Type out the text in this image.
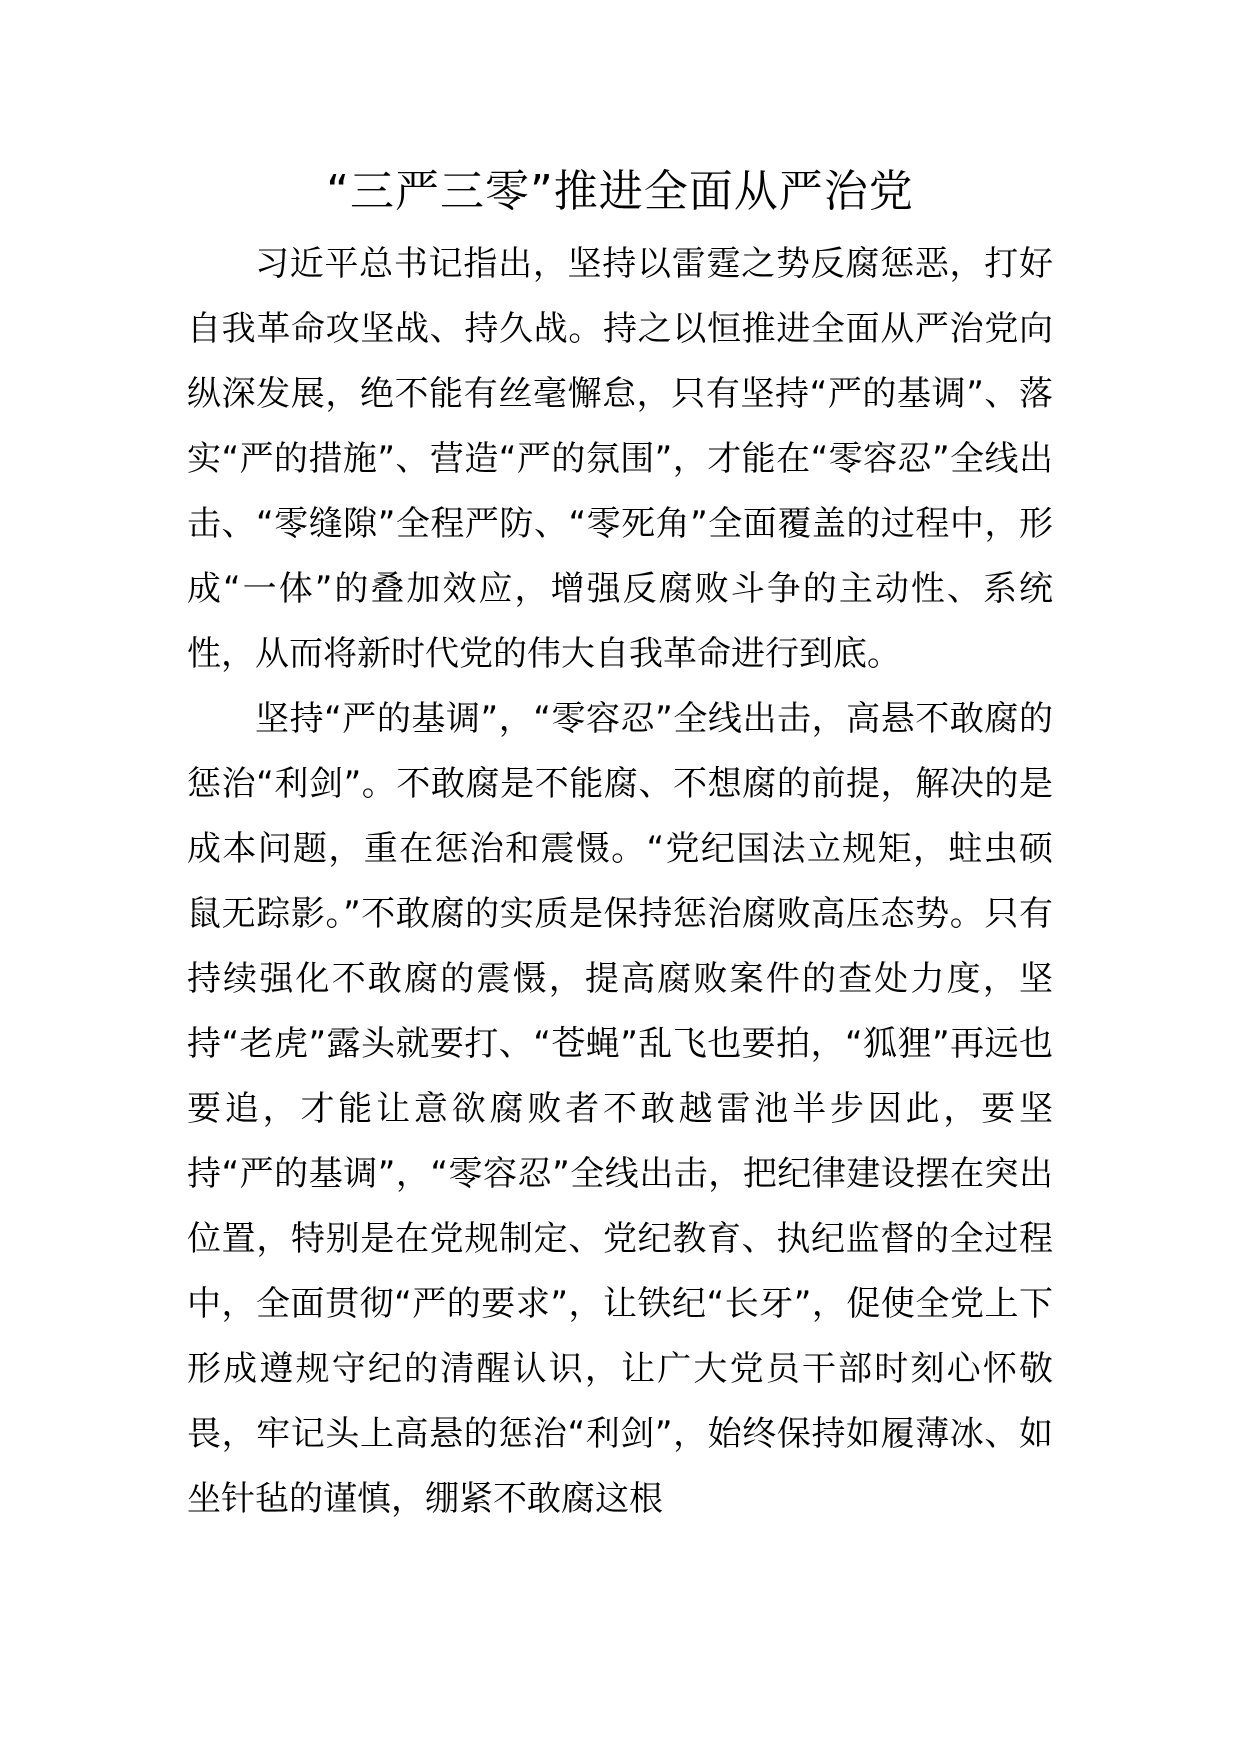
“三严三零”推进全面从严治党

习近平总书记指出，坚持以雷霆之势反腐惩恶，打好自我革命攻坚战、持久战。持之以恒推进全面从严治党向纵深发展，绝不能有丝毫懈怠，只有坚持“严的基调”、落实“严的措施”、营造“严的氛围”，才能在“零容忍”全线出击、“零缝隙”全程严防、“零死角”全面覆盖的过程中，形成“一体”的叠加效应，增强反腐败斗争的主动性、系统性，从而将新时代党的伟大自我革命进行到底。

坚持“严的基调”，“零容忍”全线出击，高悬不敢腐的惩治“利剑”。不敢腐是不能腐、不想腐的前提，解决的是成本问题，重在惩治和震慑。“党纪国法立规矩，蛀虫硕鼠无踪影。”不敢腐的实质是保持惩治腐败高压态势。只有持续强化不敢腐的震慑，提高腐败案件的查处力度，坚持“老虎”露头就要打、“苍蝇”乱飞也要拍，“狐狸”再远也要追，才能让意欲腐败者不敢越雷池半步因此，要坚持“严的基调”，“零容忍”全线出击，把纪律建设摆在突出位置，特别是在党规制定、党纪教育、执纪监督的全过程中，全面贯彻“严的要求”，让铁纪“长牙”，促使全党上下形成遵规守纪的清醒认识，让广大党员干部时刻心怀敬畏，牢记头上高悬的惩治“利剑”，始终保持如履薄冰、如坐针毡的谨慎，绷紧不敢腐这根
